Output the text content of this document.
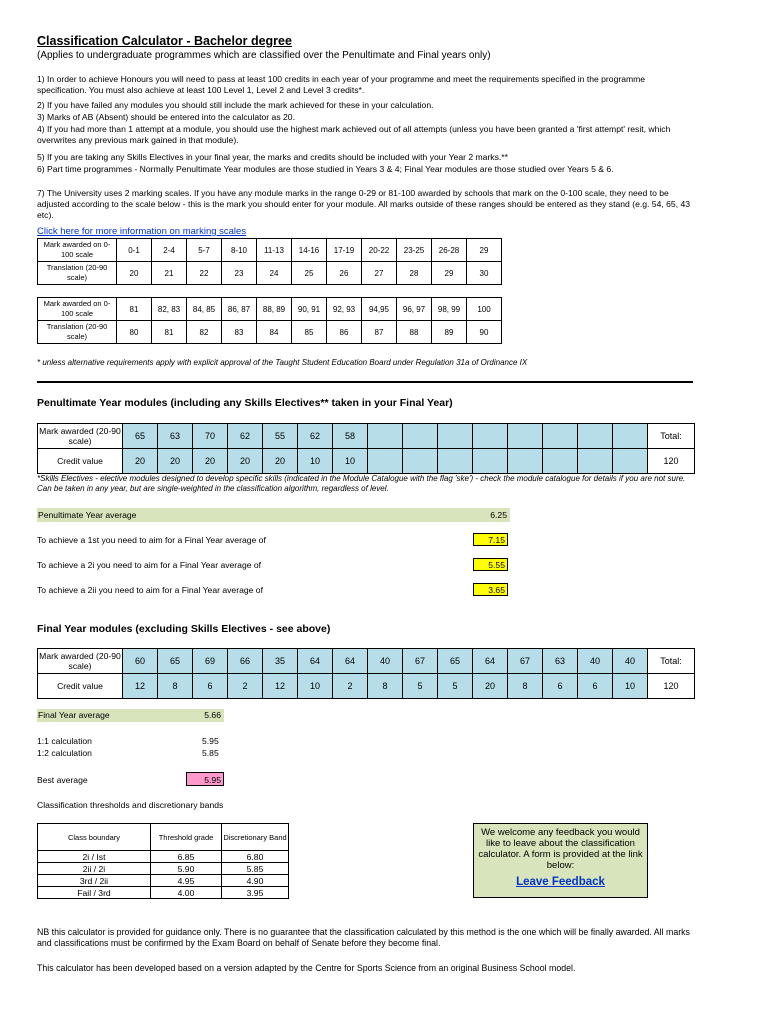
Classification Calculator - Bachelor degree
(Applies to undergraduate programmes which are classified over the Penultimate and Final years only)
1) In order to achieve Honours you will need to pass at least 100 credits in each year of your programme and meet the requirements specified in the programme specification. You must also achieve at least 100 Level 1, Level 2 and Level 3 credits*.
2) If you have failed any modules you should still include the mark achieved for these in your calculation.
3) Marks of AB (Absent) should be entered into the calculator as 20.
4) If you had more than 1 attempt at a module, you should use the highest mark achieved out of all attempts (unless you have been granted a 'first attempt' resit, which overwrites any previous mark gained in that module).
5) If you are taking any Skills Electives in your final year, the marks and credits should be included with your Year 2 marks.**
6) Part time programmes - Normally Penultimate Year modules are those studied in Years 3 & 4; Final Year modules are those studied over Years 5 & 6.
7) The University uses 2 marking scales. If you have any module marks in the range 0-29 or 81-100 awarded by schools that mark on the 0-100 scale, they need to be adjusted according to the scale below - this is the mark you should enter for your module. All marks outside of these ranges should be entered as they stand (e.g. 54, 65, 43 etc).
Click here for more information on marking scales
Mark awarded on 0-100 scale	0-1	2-4	5-7	8-10	11-13	14-16	17-19	20-22	23-25	26-28	29
Translation (20-90 scale)	20	21	22	23	24	25	26	27	28	29	30
Mark awarded on 0-100 scale	81	82, 83	84, 85	86, 87	88, 89	90, 91	92, 93	94,95	96, 97	98, 99	100
Translation (20-90 scale)	80	81	82	83	84	85	86	87	88	89	90
* unless alternative requirements apply with explicit approval of the Taught Student Education Board under Regulation 31a of Ordinance IX
Penultimate Year modules (including any Skills Electives** taken in your Final Year)
Mark awarded (20-90 scale)	65	63	70	62	55	62	58									Total:
Credit value	20	20	20	20	20	10	10									120
*Skills Electives - elective modules designed to develop specific skills (indicated in the Module Catalogue with the flag 'ske') - check the module catalogue for details if you are not sure. Can be taken in any year, but are single-weighted in the classification algorithm, regardless of level.
Penultimate Year average	6.25
To achieve a 1st you need to aim for a Final Year average of	7.15
To achieve a 2i you need to aim for a Final Year average of	5.55
To achieve a 2ii you need to aim for a Final Year average of	3.65
Final Year modules (excluding Skills Electives - see above)
Mark awarded (20-90 scale)	60	65	69	66	35	64	64	40	67	65	64	67	63	40	40	Total:
Credit value	12	8	6	2	12	10	2	8	5	5	20	8	6	6	10	120
Final Year average	5.66
1:1 calculation	5.95
1:2 calculation	5.85
Best average	5.95
Classification thresholds and discretionary bands
Class boundary	Threshold grade	Discretionary Band
2i / Ist	6.85	6.80
2ii / 2i	5.90	5.85
3rd / 2ii	4.95	4.90
Fail / 3rd	4.00	3.95
We welcome any feedback you would like to leave about the classification calculator. A form is provided at the link below:
Leave Feedback
NB this calculator is provided for guidance only. There is no guarantee that the classification calculated by this method is the one which will be finally awarded. All marks and classifications must be confirmed by the Exam Board on behalf of Senate before they become final.
This calculator has been developed based on a version adapted by the Centre for Sports Science from an original Business School model.
